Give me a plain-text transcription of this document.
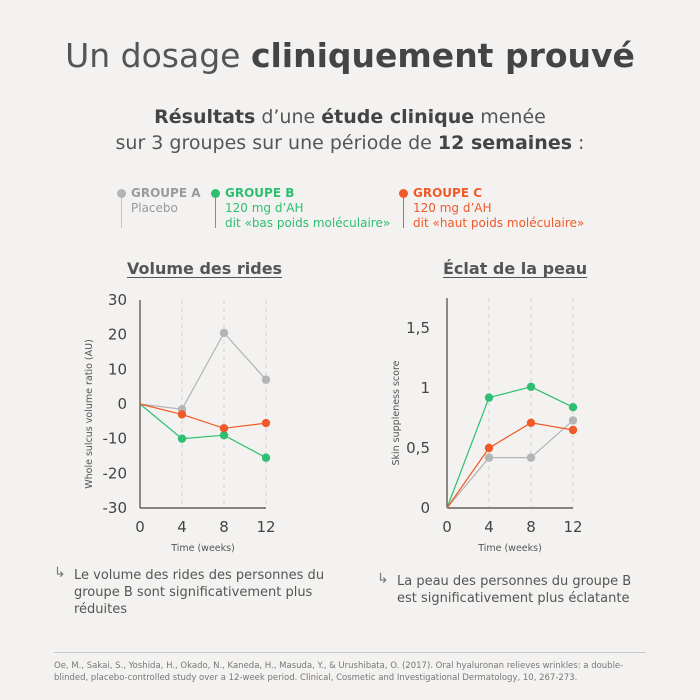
Un dosage cliniquement prouvé
Résultats d’une étude clinique menée
sur 3 groupes sur une période de 12 semaines :
GROUPE A
Placebo
GROUPE B
120 mg d’AH
dit «bas poids moléculaire»
GROUPE C
120 mg d’AH
dit «haut poids moléculaire»
Volume des rides	Éclat de la peau
30
20
10
0
-10
-20
-30
0 4 8 12
Time (weeks)
Whole sulcus volume ratio (AU)
1,5
1
0,5
0
0 4 8 12
Time (weeks)
Skin suppleness score
↳ Le volume des rides des personnes du
groupe B sont significativement plus
réduites
↳ La peau des personnes du groupe B
est significativement plus éclatante
Oe, M., Sakai, S., Yoshida, H., Okado, N., Kaneda, H., Masuda, Y., & Urushibata, O. (2017). Oral hyaluronan relieves wrinkles: a double-blinded, placebo-controlled study over a 12-week period. Clinical, Cosmetic and Investigational Dermatology, 10, 267-273.
